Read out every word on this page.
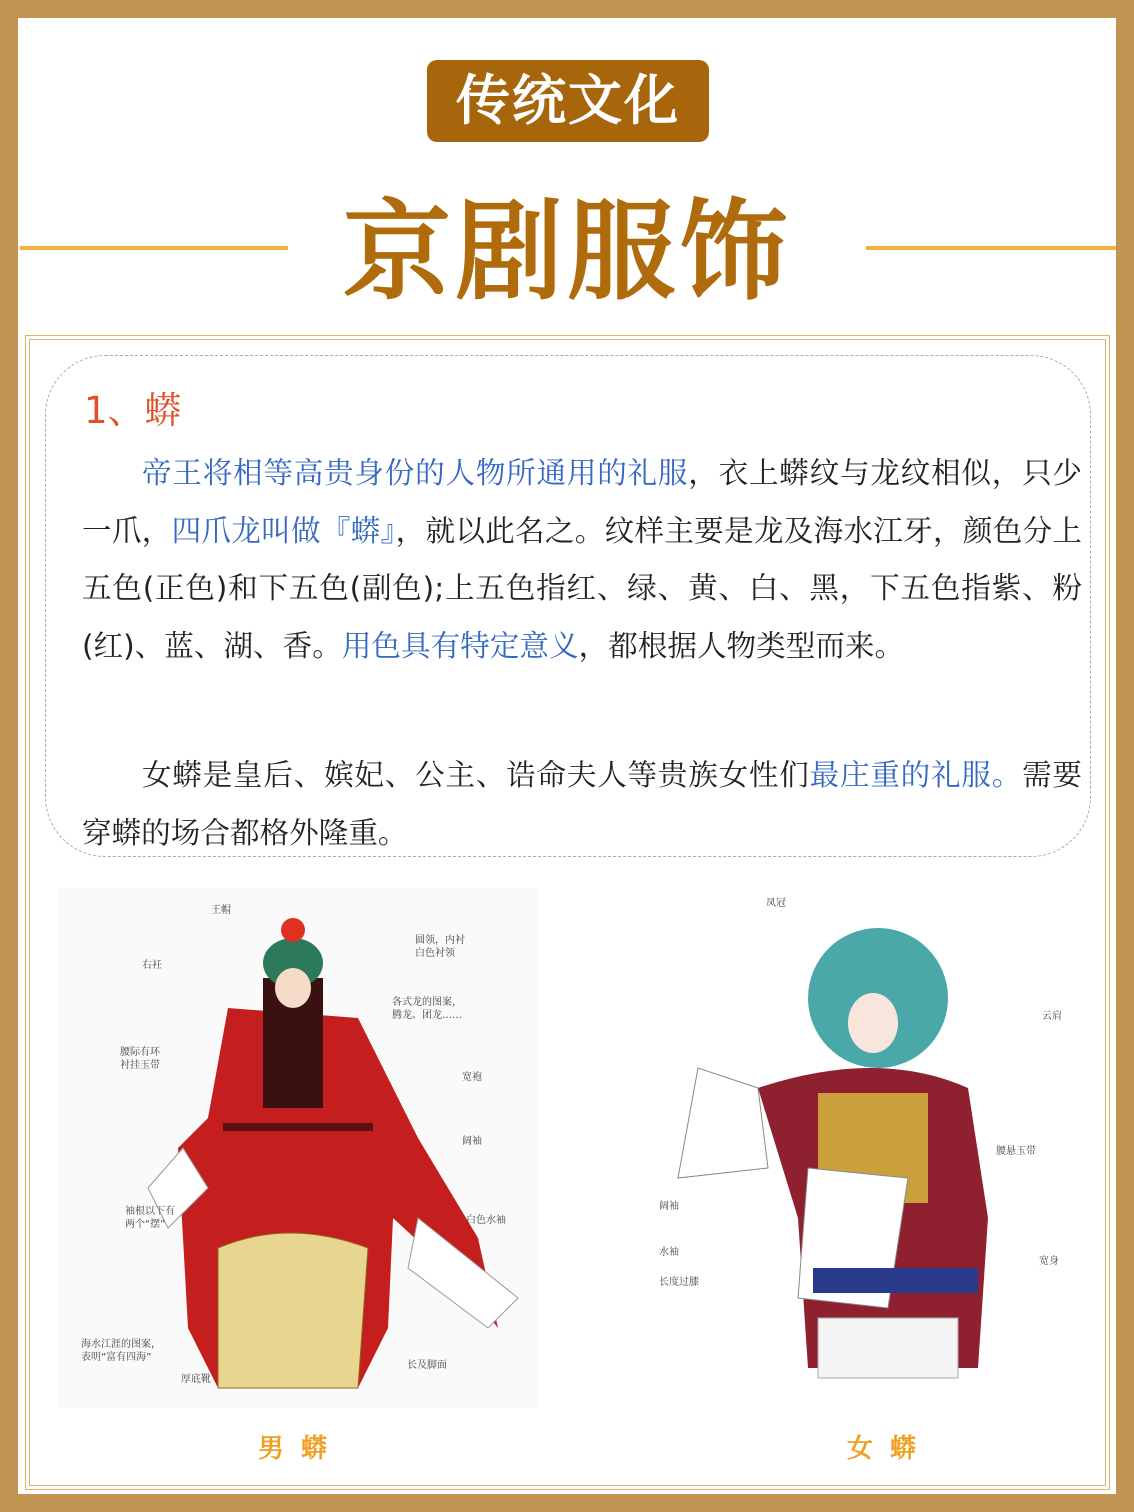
传统文化
京剧服饰
1、蟒
帝王将相等高贵身份的人物所通用的礼服，衣上蟒纹与龙纹相似，只少一爪，四爪龙叫做『蟒』，就以此名之。纹样主要是龙及海水江牙，颜色分上五色(正色)和下五色(副色);上五色指红、绿、黄、白、黑，下五色指紫、粉(红)、蓝、湖、香。用色具有特定意义，都根据人物类型而来。
女蟒是皇后、嫔妃、公主、诰命夫人等贵族女性们最庄重的礼服。需要穿蟒的场合都格外隆重。
王帽
右衽
圆领，内衬
白色衬领
各式龙的图案，
腾龙、团龙……
腰际有环
衬挂玉带
宽袍
阔袖
袖根以下有
两个“摆”	白色水袖
海水江涯的图案，
表明“富有四海”
长及脚面
厚底靴
凤冠
云肩
腰悬玉带
阔袖
水袖
长度过膝
宽身
男 蟒	女 蟒
